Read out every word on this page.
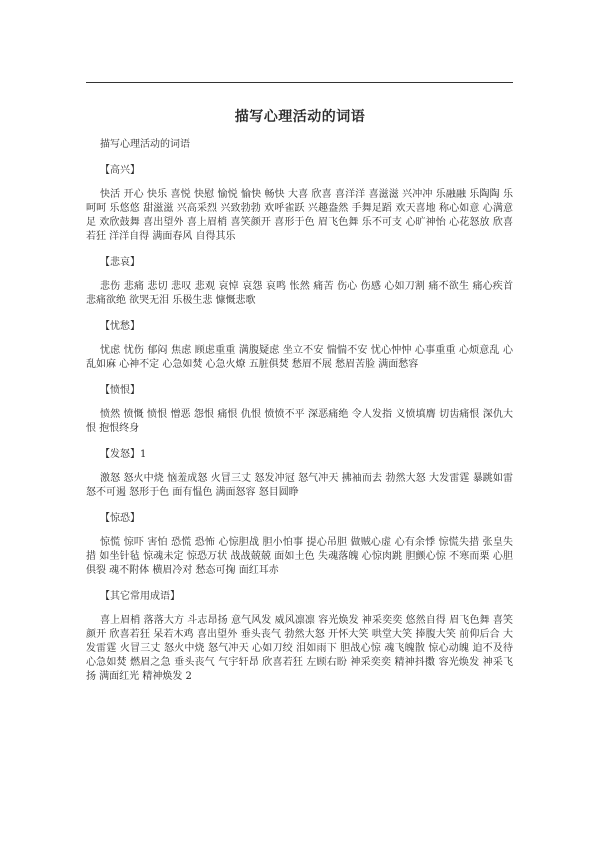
描写心理活动的词语
描写心理活动的词语
【高兴】
快活 开心 快乐 喜悦 快慰 愉悦 愉快 畅快 大喜 欣喜 喜洋洋 喜滋滋 兴冲冲 乐融融 乐陶陶 乐呵呵 乐悠悠 甜滋滋 兴高采烈 兴致勃勃 欢呼雀跃 兴趣盎然 手舞足蹈 欢天喜地 称心如意 心满意足 欢欣鼓舞 喜出望外 喜上眉梢 喜笑颜开 喜形于色 眉飞色舞 乐不可支 心旷神怡 心花怒放 欣喜若狂 洋洋自得 满面春风 自得其乐
【悲哀】
悲伤 悲痛 悲切 悲叹 悲观 哀悼 哀怨 哀鸣 怅然 痛苦 伤心 伤感 心如刀割 痛不欲生 痛心疾首 悲痛欲绝 欲哭无泪 乐极生悲 慷慨悲歌
【忧愁】
忧虑 忧伤 郁闷 焦虑 顾虑重重 满腹疑虑 坐立不安 惴惴不安 忧心忡忡 心事重重 心烦意乱 心乱如麻 心神不定 心急如焚 心急火燎 五脏俱焚 愁眉不展 愁眉苦脸 满面愁容
【愤恨】
愤然 愤慨 愤恨 憎恶 怨恨 痛恨 仇恨 愤愤不平 深恶痛绝 令人发指 义愤填膺 切齿痛恨 深仇大恨 抱恨终身
【发怒】1
激怒 怒火中烧 恼羞成怒 火冒三丈 怒发冲冠 怒气冲天 拂袖而去 勃然大怒 大发雷霆 暴跳如雷 怒不可遏 怒形于色 面有愠色 满面怒容 怒目圆睁
【惊恐】
惊慌 惊吓 害怕 恐慌 恐怖 心惊胆战 胆小怕事 提心吊胆 做贼心虚 心有余悸 惊慌失措 张皇失措 如坐针毡 惊魂未定 惊恐万状 战战兢兢 面如土色 失魂落魄 心惊肉跳 胆颤心惊 不寒而栗 心胆俱裂 魂不附体 横眉冷对 愁态可掬 面红耳赤
【其它常用成语】
喜上眉梢 落落大方 斗志昂扬 意气风发 威风凛凛 容光焕发 神采奕奕 悠然自得 眉飞色舞 喜笑颜开 欣喜若狂 呆若木鸡 喜出望外 垂头丧气 勃然大怒 开怀大笑 哄堂大笑 捧腹大笑 前仰后合 大发雷霆 火冒三丈 怒火中烧 怒气冲天 心如刀绞 泪如雨下 胆战心惊 魂飞魄散 惊心动魄 迫不及待 心急如焚 燃眉之急 垂头丧气 气宇轩昂 欣喜若狂 左顾右盼 神采奕奕 精神抖擞 容光焕发 神采飞扬 满面红光 精神焕发 2
